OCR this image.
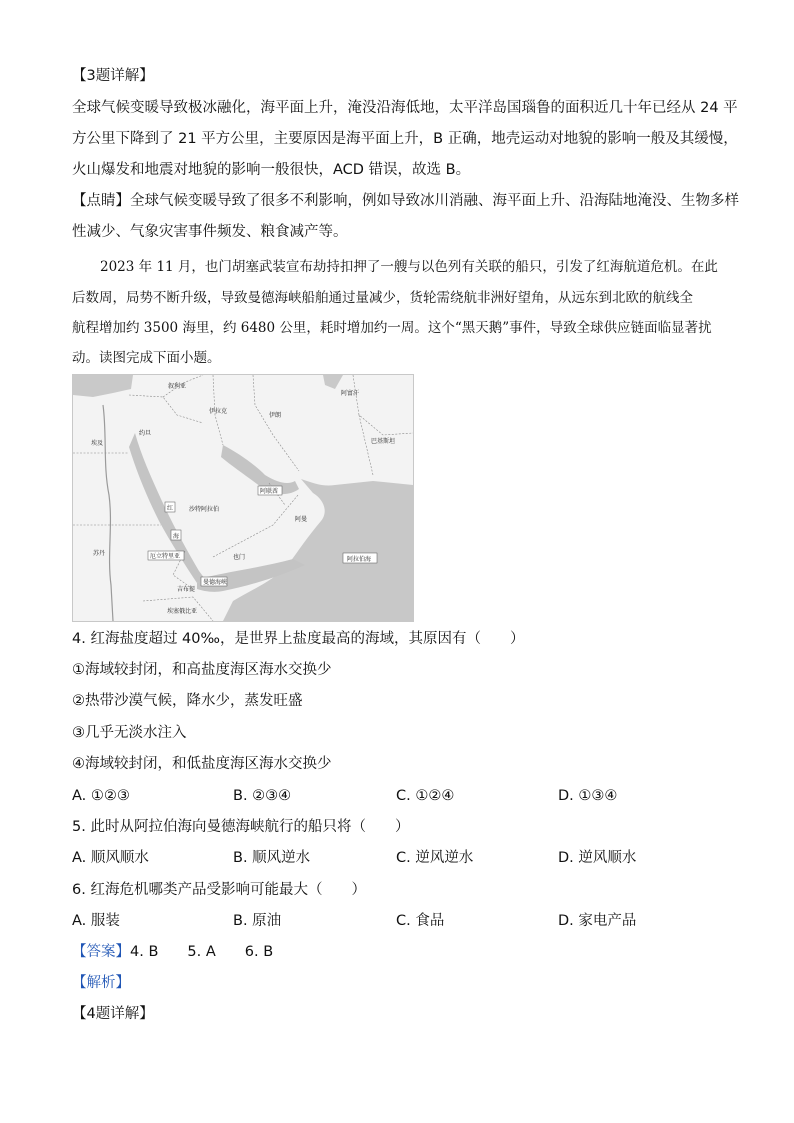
【3题详解】
全球气候变暖导致极冰融化，海平面上升，淹没沿海低地，太平洋岛国瑙鲁的面积近几十年已经从 24 平
方公里下降到了 21 平方公里，主要原因是海平面上升，B 正确，地壳运动对地貌的影响一般及其缓慢，
火山爆发和地震对地貌的影响一般很快，ACD 错误，故选 B。
【点睛】全球气候变暖导致了很多不利影响，例如导致冰川消融、海平面上升、沿海陆地淹没、生物多样
性减少、气象灾害事件频发、粮食减产等。
2023 年 11 月，也门胡塞武装宣布劫持扣押了一艘与以色列有关联的船只，引发了红海航道危机。在此
后数周，局势不断升级，导致曼德海峡船舶通过量减少，货轮需绕航非洲好望角，从远东到北欧的航线全
航程增加约 3500 海里，约 6480 公里，耗时增加约一周。这个“黑天鹅”事件，导致全球供应链面临显著扰
动。读图完成下面小题。
叙利亚
伊拉克
伊朗
阿富汗
巴基斯坦
约旦
埃及
苏丹
沙特阿拉伯
阿联酋
阿曼
也门
厄立特里亚
吉布提
埃塞俄比亚
阿拉伯海
红
海
曼德海峡
4. 红海盐度超过 40‰，是世界上盐度最高的海域，其原因有（　　）
①海域较封闭，和高盐度海区海水交换少
②热带沙漠气候，降水少，蒸发旺盛
③几乎无淡水注入
④海域较封闭，和低盐度海区海水交换少
A. ①②③	B. ②③④	C. ①②④	D. ①③④
5. 此时从阿拉伯海向曼德海峡航行的船只将（　　）
A. 顺风顺水	B. 顺风逆水	C. 逆风逆水	D. 逆风顺水
6. 红海危机哪类产品受影响可能最大（　　）
A. 服装	B. 原油	C. 食品	D. 家电产品
【答案】4. B　　5. A　　6. B
【解析】
【4题详解】
